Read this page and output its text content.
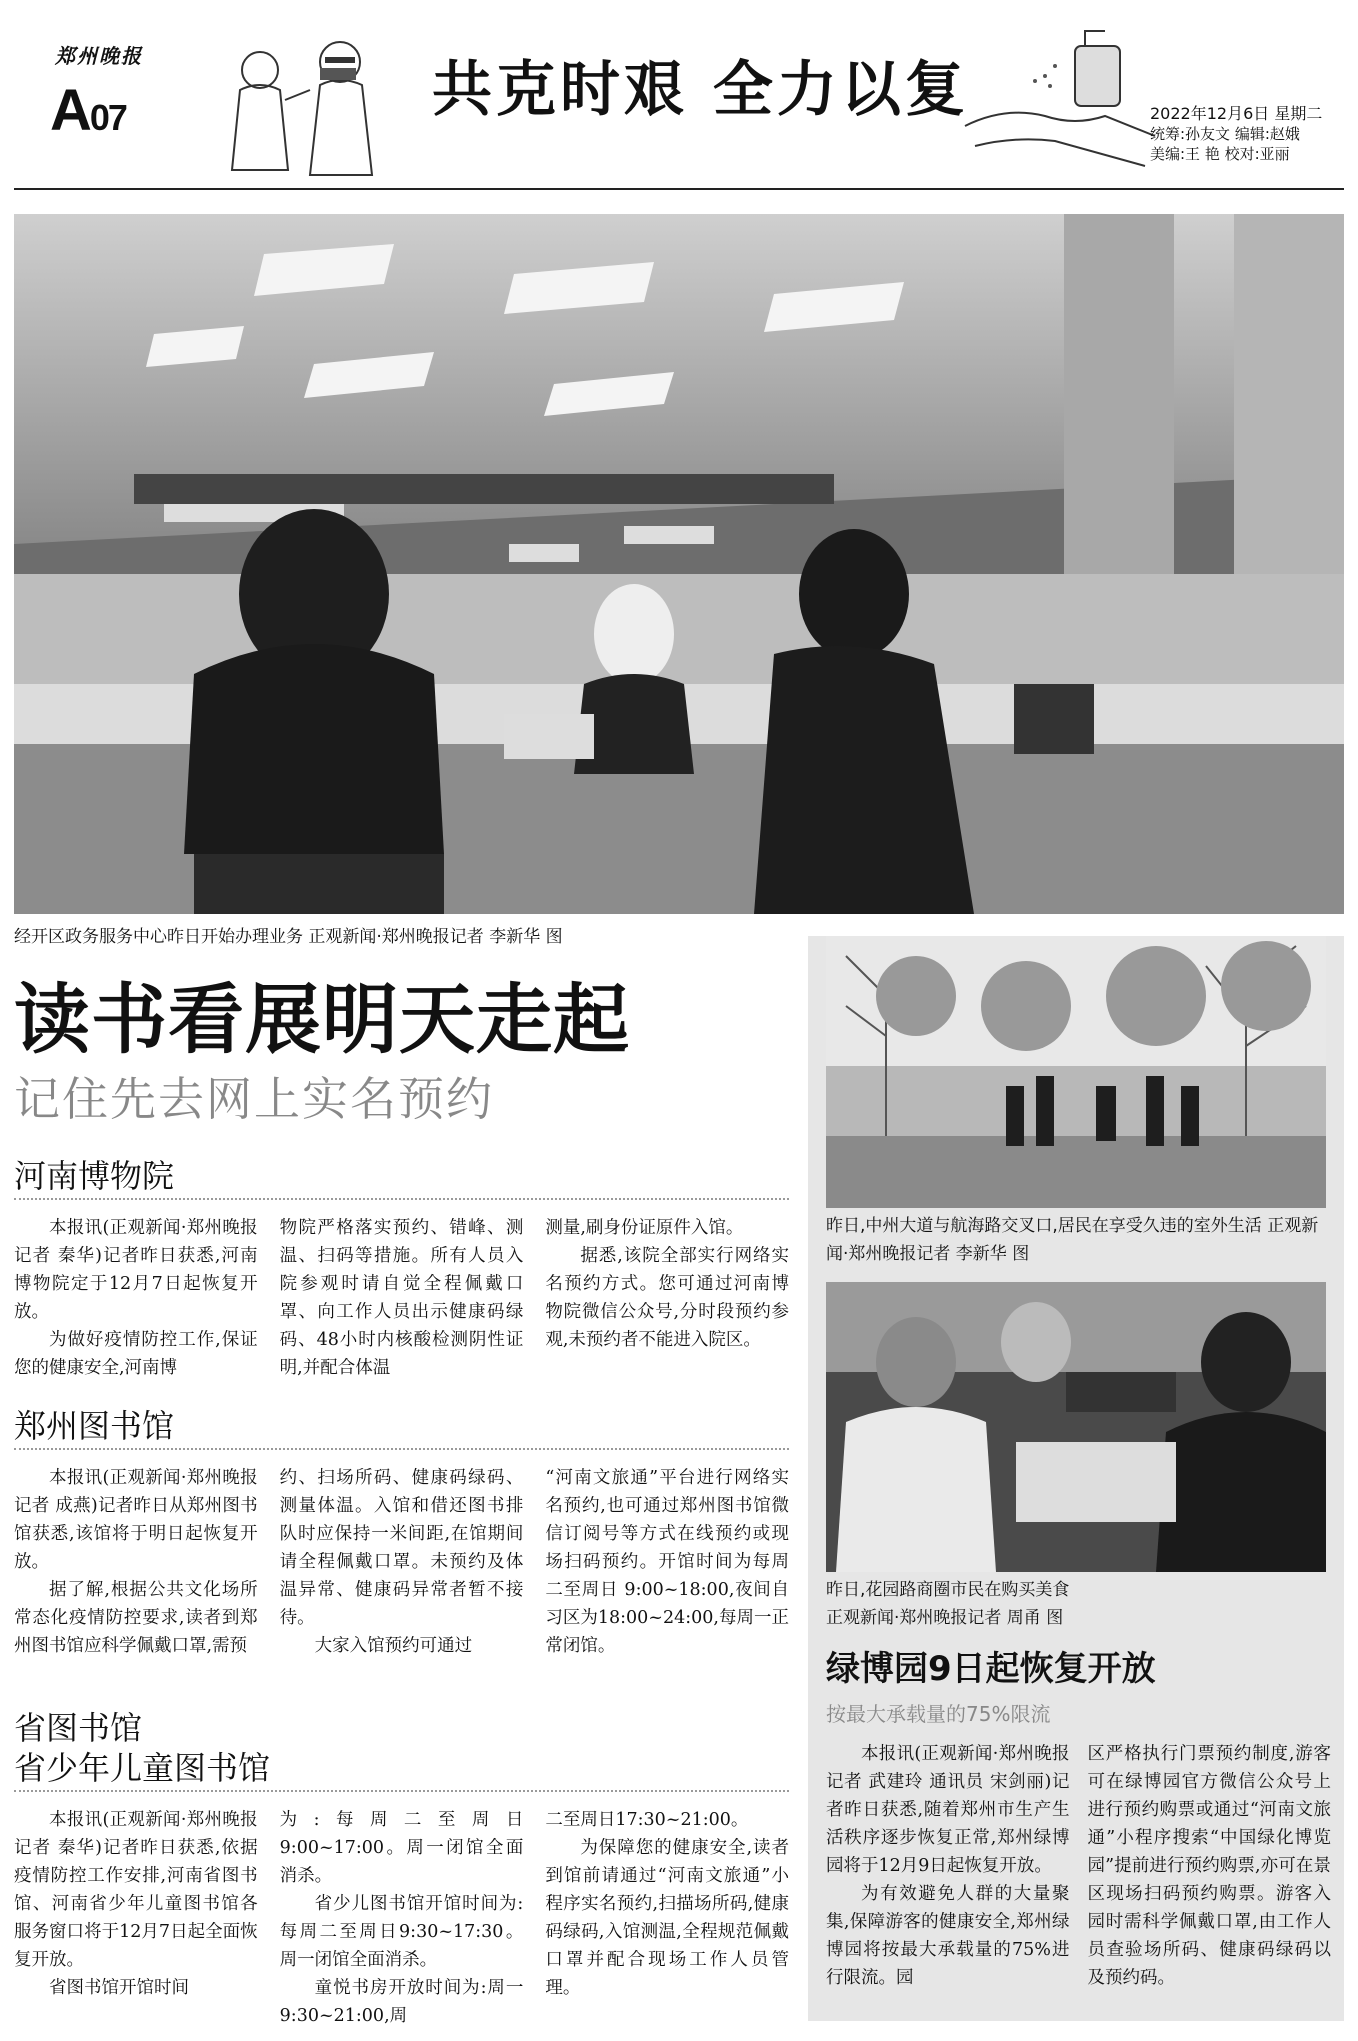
郑州晚报
A07	共克时艰 全力以复	2022年12月6日 星期二
统筹:孙友文 编辑:赵娥
美编:王 艳 校对:亚丽
经开区政务服务中心昨日开始办理业务 正观新闻·郑州晚报记者 李新华 图
读书看展明天走起
记住先去网上实名预约
河南博物院

本报讯(正观新闻·郑州晚报记者 秦华)记者昨日获悉,河南博物院定于12月7日起恢复开放。

为做好疫情防控工作,保证您的健康安全,河南博

物院严格落实预约、错峰、测温、扫码等措施。所有人员入院参观时请自觉全程佩戴口罩、向工作人员出示健康码绿码、48小时内核酸检测阴性证明,并配合体温

测量,刷身份证原件入馆。

据悉,该院全部实行网络实名预约方式。您可通过河南博物院微信公众号,分时段预约参观,未预约者不能进入院区。

郑州图书馆

本报讯(正观新闻·郑州晚报记者 成燕)记者昨日从郑州图书馆获悉,该馆将于明日起恢复开放。

据了解,根据公共文化场所常态化疫情防控要求,读者到郑州图书馆应科学佩戴口罩,需预

约、扫场所码、健康码绿码、测量体温。入馆和借还图书排队时应保持一米间距,在馆期间请全程佩戴口罩。未预约及体温异常、健康码异常者暂不接待。

大家入馆预约可通过

“河南文旅通”平台进行网络实名预约,也可通过郑州图书馆微信订阅号等方式在线预约或现场扫码预约。开馆时间为每周二至周日 9:00~18:00,夜间自习区为18:00~24:00,每周一正常闭馆。

省图书馆
省少年儿童图书馆

本报讯(正观新闻·郑州晚报记者 秦华)记者昨日获悉,依据疫情防控工作安排,河南省图书馆、河南省少年儿童图书馆各服务窗口将于12月7日起全面恢复开放。

省图书馆开馆时间

为:每周二至周日9:00~17:00。周一闭馆全面消杀。

省少儿图书馆开馆时间为:每周二至周日9:30~17:30。周一闭馆全面消杀。

童悦书房开放时间为:周一9:30~21:00,周

二至周日17:30~21:00。

为保障您的健康安全,读者到馆前请通过“河南文旅通”小程序实名预约,扫描场所码,健康码绿码,入馆测温,全程规范佩戴口罩并配合现场工作人员管理。

昨日,中州大道与航海路交叉口,居民在享受久违的室外生活 正观新闻·郑州晚报记者 李新华 图
昨日,花园路商圈市民在购买美食
正观新闻·郑州晚报记者 周甬 图
绿博园9日起恢复开放
按最大承载量的75%限流

本报讯(正观新闻·郑州晚报记者 武建玲 通讯员 宋剑丽)记者昨日获悉,随着郑州市生产生活秩序逐步恢复正常,郑州绿博园将于12月9日起恢复开放。

为有效避免人群的大量聚集,保障游客的健康安全,郑州绿博园将按最大承载量的75%进行限流。园

区严格执行门票预约制度,游客可在绿博园官方微信公众号上进行预约购票或通过“河南文旅通”小程序搜索“中国绿化博览园”提前进行预约购票,亦可在景区现场扫码预约购票。游客入园时需科学佩戴口罩,由工作人员查验场所码、健康码绿码以及预约码。
